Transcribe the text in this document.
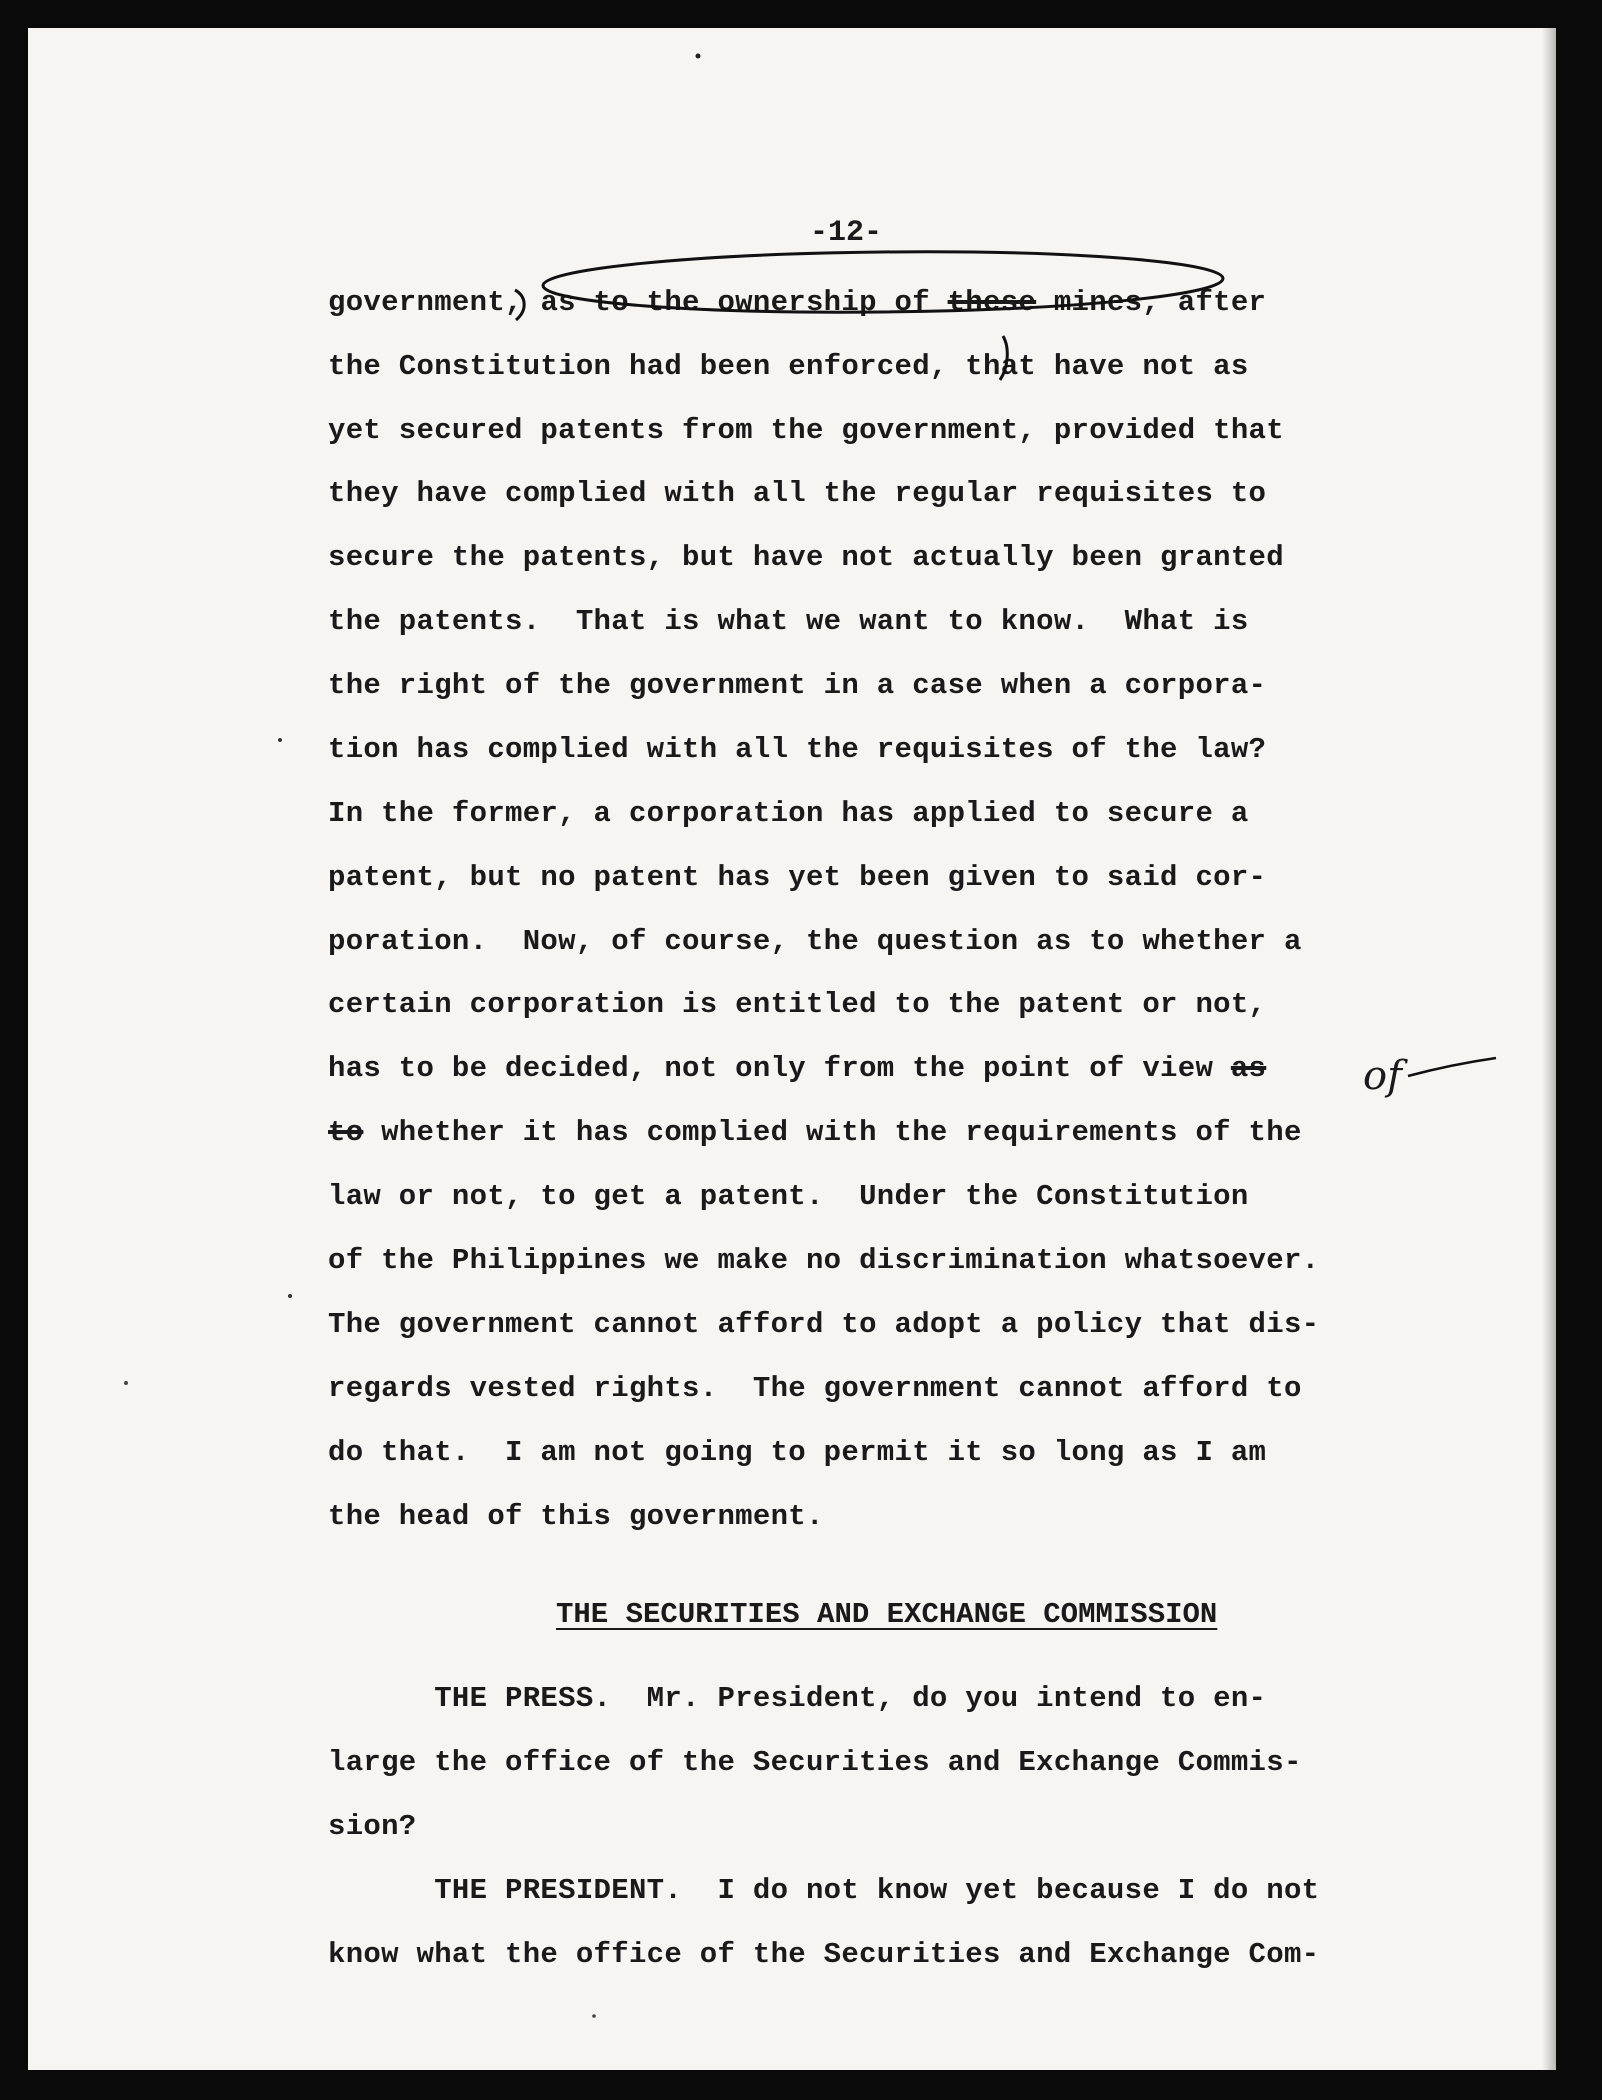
-12-
government, as to the ownership of these mines, after
the Constitution had been enforced, that have not as
yet secured patents from the government, provided that
they have complied with all the regular requisites to
secure the patents, but have not actually been granted
the patents.  That is what we want to know.  What is
the right of the government in a case when a corpora-
tion has complied with all the requisites of the law?
In the former, a corporation has applied to secure a
patent, but no patent has yet been given to said cor-
poration.  Now, of course, the question as to whether a
certain corporation is entitled to the patent or not,
has to be decided, not only from the point of view as
to whether it has complied with the requirements of the
law or not, to get a patent.  Under the Constitution
of the Philippines we make no discrimination whatsoever.
The government cannot afford to adopt a policy that dis-
regards vested rights.  The government cannot afford to
do that.  I am not going to permit it so long as I am
the head of this government.
of
THE SECURITIES AND EXCHANGE COMMISSION
THE PRESS.  Mr. President, do you intend to en-
large the office of the Securities and Exchange Commis-
sion?
THE PRESIDENT.  I do not know yet because I do not
know what the office of the Securities and Exchange Com-
